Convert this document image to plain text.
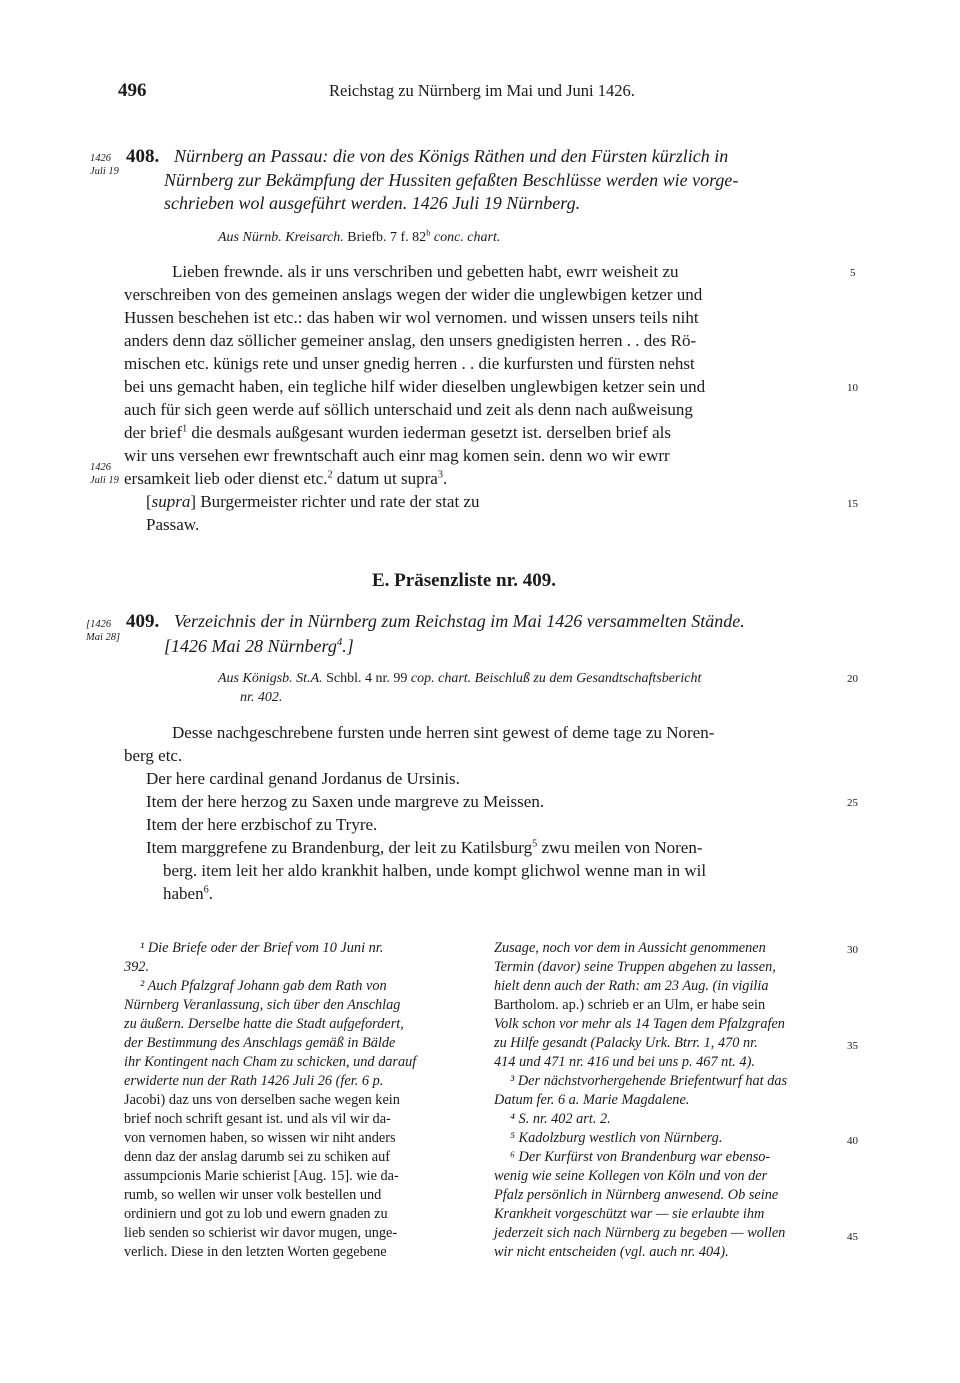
496	Reichstag zu Nürnberg im Mai und Juni 1426.
1426
Juli 19
408. Nürnberg an Passau: die von des Königs Räthen und den Fürsten kürzlich in
Nürnberg zur Bekämpfung der Hussiten gefaßten Beschlüsse werden wie vorge-
schrieben wol ausgeführt werden. 1426 Juli 19 Nürnberg.
Aus Nürnb. Kreisarch. Briefb. 7 f. 82$^b$ conc. chart.
Lieben frewnde. als ir uns verschriben und gebetten habt, ewrr weisheit zu
verschreiben von des gemeinen anslags wegen der wider die unglewbigen ketzer und
Hussen beschehen ist etc.: das haben wir wol vernomen. und wissen unsers teils niht
anders denn daz söllicher gemeiner anslag, den unsers gnedigisten herren . . des Rö-
mischen etc. künigs rete und unser gnedig herren . . die kurfursten und fürsten nehst
bei uns gemacht haben, ein tegliche hilf wider dieselben unglewbigen ketzer sein und
auch für sich geen werde auf söllich unterschaid und zeit als denn nach außweisung
der brief$^1$ die desmals außgesant wurden iederman gesetzt ist. derselben brief als
wir uns versehen ewr frewntschaft auch einr mag komen sein. denn wo wir ewrr
1426
Juli 19 ersamkeit lieb oder dienst etc.$^2$ datum ut supra$^3$.
[supra] Burgermeister richter und rate der stat zu
Passaw.
E. Präsenzliste nr. 409.
[1426
Mai 28]
409. Verzeichnis der in Nürnberg zum Reichstag im Mai 1426 versammelten Stände.
[1426 Mai 28 Nürnberg$^4$.]
Aus Königsb. St.A. Schbl. 4 nr. 99 cop. chart. Beischluß zu dem Gesandtschaftsbericht
nr. 402.
Desse nachgeschrebene fursten unde herren sint gewest of deme tage zu Noren-
berg etc.
Der here cardinal genand Jordanus de Ursinis.
Item der here herzog zu Saxen unde margreve zu Meissen.
Item der here erzbischof zu Tryre.
Item marggrefene zu Brandenburg, der leit zu Katilsburg$^5$ zwu meilen von Noren-
berg. item leit her aldo krankhit halben, unde kompt glichwol wenne man in wil
haben$^6$.
5
10
15
20
25
30
35
40
45
¹ Die Briefe oder der Brief vom 10 Juni nr.
392.
² Auch Pfalzgraf Johann gab dem Rath von
Nürnberg Veranlassung, sich über den Anschlag
zu äußern. Derselbe hatte die Stadt aufgefordert,
der Bestimmung des Anschlags gemäß in Bälde
ihr Kontingent nach Cham zu schicken, und darauf
erwiderte nun der Rath 1426 Juli 26 (fer. 6 p.
Jacobi) daz uns von derselben sache wegen kein
brief noch schrift gesant ist. und als vil wir da-
von vernomen haben, so wissen wir niht anders
denn daz der anslag darumb sei zu schiken auf
assumpcionis Marie schierist [Aug. 15]. wie da-
rumb, so wellen wir unser volk bestellen und
ordiniern und got zu lob und ewern gnaden zu
lieb senden so schierist wir davor mugen, unge-
verlich. Diese in den letzten Worten gegebene
Zusage, noch vor dem in Aussicht genommenen
Termin (davor) seine Truppen abgehen zu lassen,
hielt denn auch der Rath: am 23 Aug. (in vigilia
Bartholom. ap.) schrieb er an Ulm, er habe sein
Volk schon vor mehr als 14 Tagen dem Pfalzgrafen
zu Hilfe gesandt (Palacky Urk. Btrr. 1, 470 nr.
414 und 471 nr. 416 und bei uns p. 467 nt. 4).
³ Der nächstvorhergehende Briefentwurf hat das
Datum fer. 6 a. Marie Magdalene.
⁴ S. nr. 402 art. 2.
⁵ Kadolzburg westlich von Nürnberg.
⁶ Der Kurfürst von Brandenburg war ebenso-
wenig wie seine Kollegen von Köln und von der
Pfalz persönlich in Nürnberg anwesend. Ob seine
Krankheit vorgeschützt war — sie erlaubte ihm
jederzeit sich nach Nürnberg zu begeben — wollen
wir nicht entscheiden (vgl. auch nr. 404).
